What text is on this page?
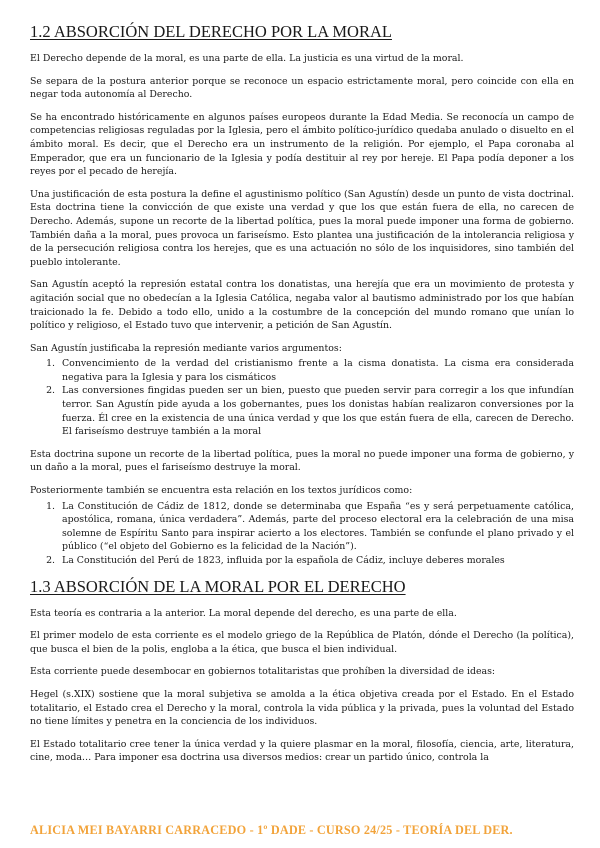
1.2 ABSORCIÓN DEL DERECHO POR LA MORAL

El Derecho depende de la moral, es una parte de ella. La justicia es una virtud de la moral.

Se separa de la postura anterior porque se reconoce un espacio estrictamente moral, pero coincide con ella en negar toda autonomía al Derecho.

Se ha encontrado históricamente en algunos países europeos durante la Edad Media. Se reconocía un campo de competencias religiosas reguladas por la Iglesia, pero el ámbito político-jurídico quedaba anulado o disuelto en el ámbito moral. Es decir, que el Derecho era un instrumento de la religión. Por ejemplo, el Papa coronaba al Emperador, que era un funcionario de la Iglesia y podía destituir al rey por hereje. El Papa podía deponer a los reyes por el pecado de herejía.

Una justificación de esta postura la define el agustinismo político (San Agustín) desde un punto de vista doctrinal. Esta doctrina tiene la convicción de que existe una verdad y que los que están fuera de ella, no carecen de Derecho. Además, supone un recorte de la libertad política, pues la moral puede imponer una forma de gobierno. También daña a la moral, pues provoca un fariseísmo. Esto plantea una justificación de la intolerancia religiosa y de la persecución religiosa contra los herejes, que es una actuación no sólo de los inquisidores, sino también del pueblo intolerante.

San Agustín aceptó la represión estatal contra los donatistas, una herejía que era un movimiento de protesta y agitación social que no obedecían a la Iglesia Católica, negaba valor al bautismo administrado por los que habían traicionado la fe. Debido a todo ello, unido a la costumbre de la concepción del mundo romano que unían lo político y religioso, el Estado tuvo que intervenir, a petición de San Agustín.

San Agustín justificaba la represión mediante varios argumentos:

1. Convencimiento de la verdad del cristianismo frente a la cisma donatista. La cisma era considerada negativa para la Iglesia y para los cismáticos
2. Las conversiones fingidas pueden ser un bien, puesto que pueden servir para corregir a los que infundían terror. San Agustín pide ayuda a los gobernantes, pues los donistas habían realizaron conversiones por la fuerza. Él cree en la existencia de una única verdad y que los que están fuera de ella, carecen de Derecho. El fariseísmo destruye también a la moral

Esta doctrina supone un recorte de la libertad política, pues la moral no puede imponer una forma de gobierno, y un daño a la moral, pues el fariseísmo destruye la moral.

Posteriormente también se encuentra esta relación en los textos jurídicos como:

1. La Constitución de Cádiz de 1812, donde se determinaba que España “es y será perpetuamente católica, apostólica, romana, única verdadera”. Además, parte del proceso electoral era la celebración de una misa solemne de Espíritu Santo para inspirar acierto a los electores. También se confunde el plano privado y el público (“el objeto del Gobierno es la felicidad de la Nación”).
2. La Constitución del Perú de 1823, influida por la española de Cádiz, incluye deberes morales
1.3 ABSORCIÓN DE LA MORAL POR EL DERECHO

Esta teoría es contraria a la anterior. La moral depende del derecho, es una parte de ella.

El primer modelo de esta corriente es el modelo griego de la República de Platón, dónde el Derecho (la política), que busca el bien de la polis, engloba a la ética, que busca el bien individual.

Esta corriente puede desembocar en gobiernos totalitaristas que prohíben la diversidad de ideas:

Hegel (s.XIX) sostiene que la moral subjetiva se amolda a la ética objetiva creada por el Estado. En el Estado totalitario, el Estado crea el Derecho y la moral, controla la vida pública y la privada, pues la voluntad del Estado no tiene límites y penetra en la conciencia de los individuos.

El Estado totalitario cree tener la única verdad y la quiere plasmar en la moral, filosofía, ciencia, arte, literatura, cine, moda… Para imponer esa doctrina usa diversos medios: crear un partido único, controla la

ALICIA MEI BAYARRI CARRACEDO - 1º DADE - CURSO 24/25 - TEORÍA DEL DER.
